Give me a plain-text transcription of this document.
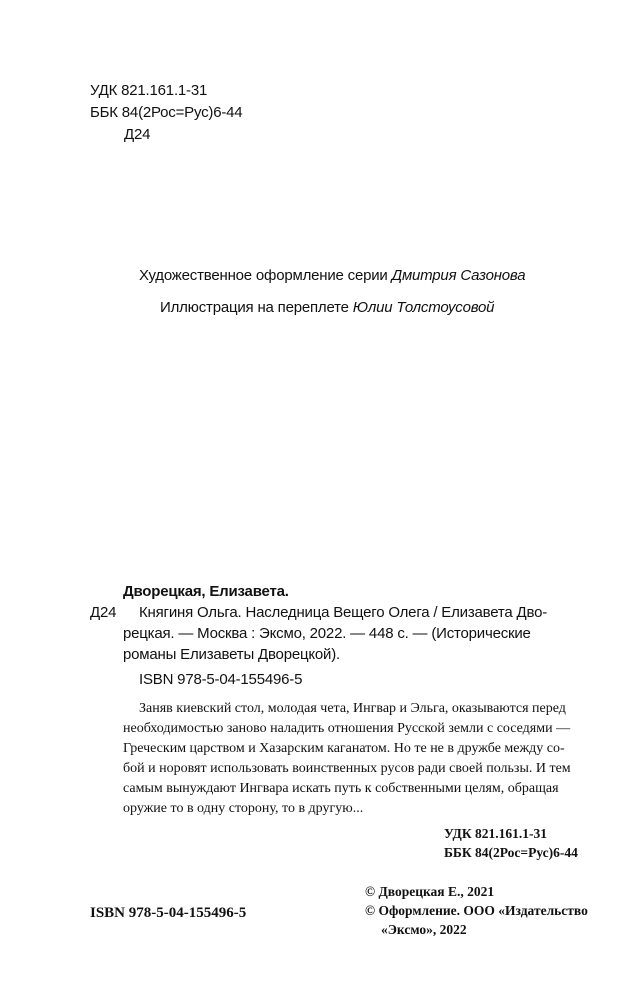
УДК 821.161.1-31
ББК 84(2Рос=Рус)6-44
Д24
Художественное оформление серии Дмитрия Сазонова
Иллюстрация на переплете Юлии Толстоусовой
Дворецкая, Елизавета.
Д24 Княгиня Ольга. Наследница Вещего Олега / Елизавета Дво-
рецкая. — Москва : Эксмо, 2022. — 448 с. — (Исторические
романы Елизаветы Дворецкой).
ISBN 978-5-04-155496-5
Заняв киевский стол, молодая чета, Ингвар и Эльга, оказываются перед
необходимостью заново наладить отношения Русской земли с соседями —
Греческим царством и Хазарским каганатом. Но те не в дружбе между со-
бой и норовят использовать воинственных русов ради своей пользы. И тем
самым вынуждают Ингвара искать путь к собственными целям, обращая
оружие то в одну сторону, то в другую...
УДК 821.161.1-31
ББК 84(2Рос=Рус)6-44
© Дворецкая Е., 2021
© Оформление. ООО «Издательство
«Эксмо», 2022
ISBN 978-5-04-155496-5
